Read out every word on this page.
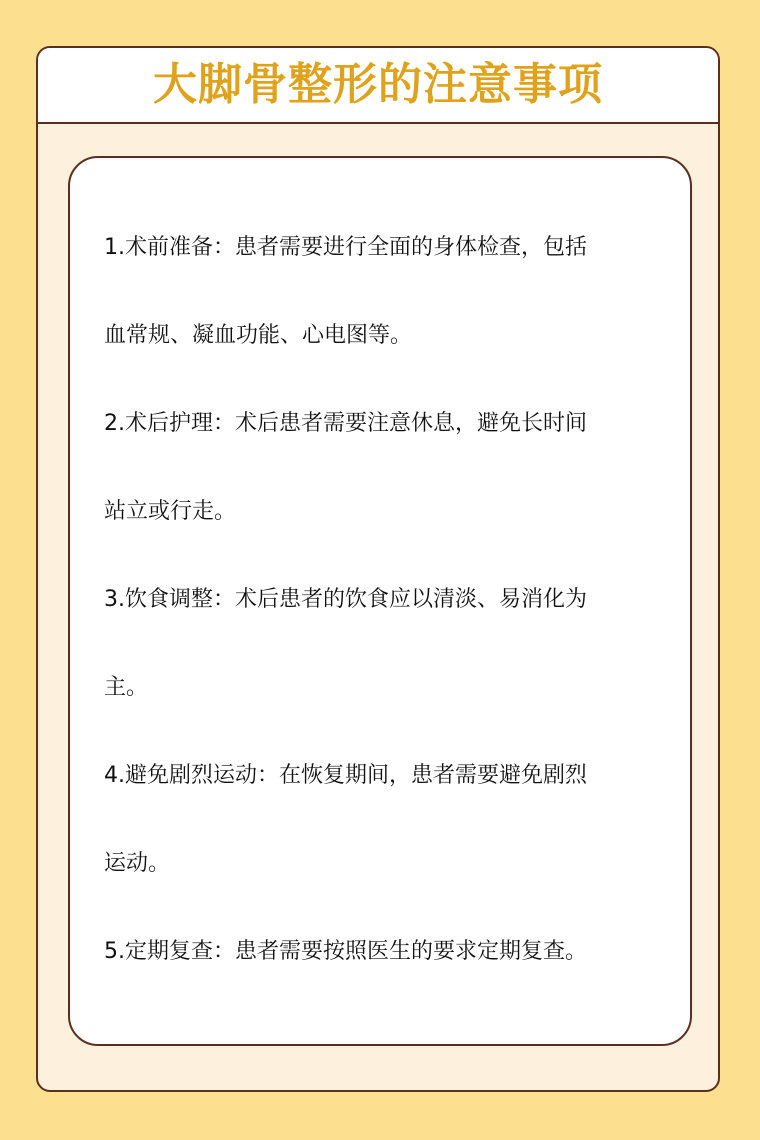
大脚骨整形的注意事项

1.术前准备：患者需要进行全面的身体检查，包括

血常规、凝血功能、心电图等。

2.术后护理：术后患者需要注意休息，避免长时间

站立或行走。

3.饮食调整：术后患者的饮食应以清淡、易消化为

主。

4.避免剧烈运动：在恢复期间，患者需要避免剧烈

运动。

5.定期复查：患者需要按照医生的要求定期复查。
